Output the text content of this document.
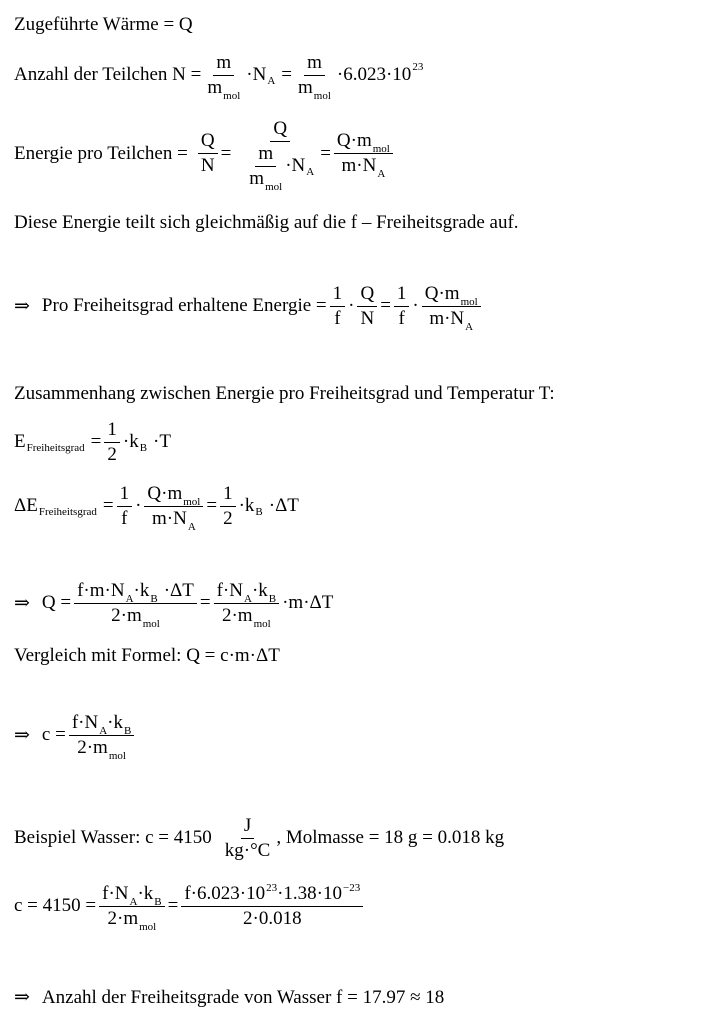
Zugeführte Wärme = Q
Anzahl der Teilchen $N = \frac{m}{m_{mol}} \cdot N$ $A = \frac{m}{m_{mol}} \cdot 6.023\cdot 10$ 23
Energie pro Teilchen = $\frac{Q}{N} = \frac{Q}{\frac{m}{m_{mol}} \cdot N A} = \frac{Q\cdot m_{mol}}{m\cdot N_A}$
Diese Energie teilt sich gleichmäßig auf die f – Freiheitsgrade auf.
⇒ Pro Freiheitsgrad erhaltene Energie = $\frac{1}{f} \cdot \frac{Q}{N} = \frac{1}{f} \cdot \frac{Q\cdot m_{mol}}{m\cdot N_A}$
Zusammenhang zwischen Energie pro Freiheitsgrad und Temperatur T:
E Freiheitsgrad = $\frac{1}{2} \cdot k$ B ·T
ΔE Freiheitsgrad = $\frac{1}{f} \cdot \frac{Q\cdot m_{mol}}{m\cdot N_A} = \frac{1}{2} \cdot k$ B ·ΔT
⇒ $Q = \frac{f\cdot m\cdot N_A\cdot k_B \cdot\Delta T}{2\cdot m_{mol}} = \frac{f\cdot N_A\cdot k_B}{2\cdot m_{mol}} \cdot m\cdot\Delta T$
Vergleich mit Formel: Q = c·m·ΔT
⇒ $c = \frac{f\cdot N_A\cdot k_B}{2\cdot m_{mol}}$
Beispiel Wasser: $c = 4150 \frac{J}{kg\cdot^\circ C}$ , Molmasse = 18 g = 0.018 kg
$c = 4150 = \frac{f\cdot N_A\cdot k_B}{2\cdot m_{mol}} = \frac{f\cdot 6.023\cdot 10^{23}\cdot 1.38\cdot 10^{-23}}{2\cdot 0.018}$
⇒ Anzahl der Freiheitsgrade von Wasser f = 17.97 ≈ 18
